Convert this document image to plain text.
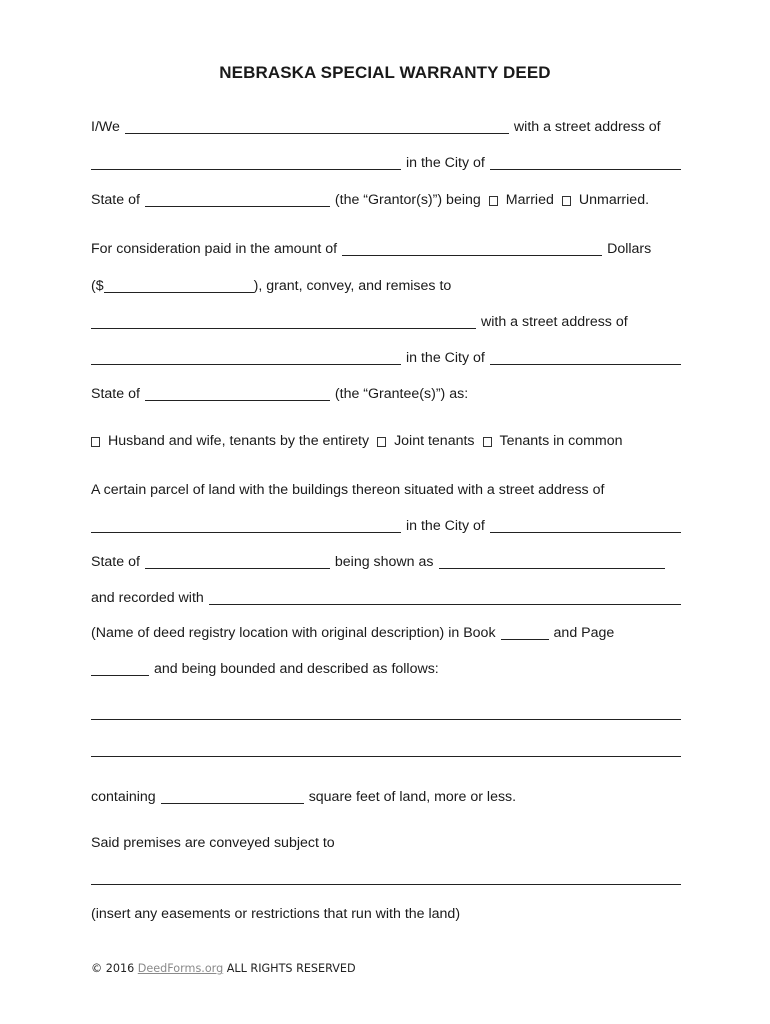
NEBRASKA SPECIAL WARRANTY DEED
I/We	with a street address of
in the City of
State of	(the “Grantor(s)”) being Married Unmarried.
For consideration paid in the amount of	Dollars
($	), grant, convey, and remises to
with a street address of
in the City of
State of	(the “Grantee(s)”) as:
Husband and wife, tenants by the entirety Joint tenants Tenants in common
A certain parcel of land with the buildings thereon situated with a street address of
in the City of
State of	being shown as
and recorded with
(Name of deed registry location with original description) in Book	and Page
and being bounded and described as follows:
containing	square feet of land, more or less.
Said premises are conveyed subject to
(insert any easements or restrictions that run with the land)
© 2016 DeedForms.org ALL RIGHTS RESERVED
